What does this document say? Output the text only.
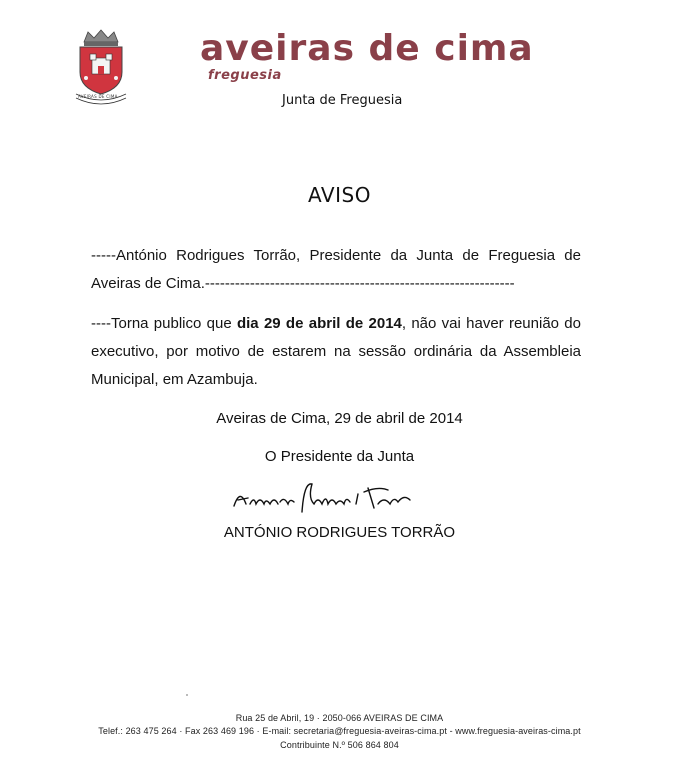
AVEIRAS DE CIMA
aveiras de cima
freguesia
Junta de Freguesia
AVISO
-----António Rodrigues Torrão, Presidente da Junta de Freguesia de Aveiras de Cima.--------------------------------------------------------------
----Torna publico que dia 29 de abril de 2014, não vai haver reunião do executivo, por motivo de estarem na sessão ordinária da Assembleia Municipal, em Azambuja.
Aveiras de Cima, 29 de abril de 2014
O Presidente da Junta
ANTÓNIO RODRIGUES TORRÃO
Rua 25 de Abril, 19 · 2050-066 AVEIRAS DE CIMA
Telef.: 263 475 264 · Fax 263 469 196 · E-mail: secretaria@freguesia-aveiras-cima.pt - www.freguesia-aveiras-cima.pt
Contribuinte N.º 506 864 804
